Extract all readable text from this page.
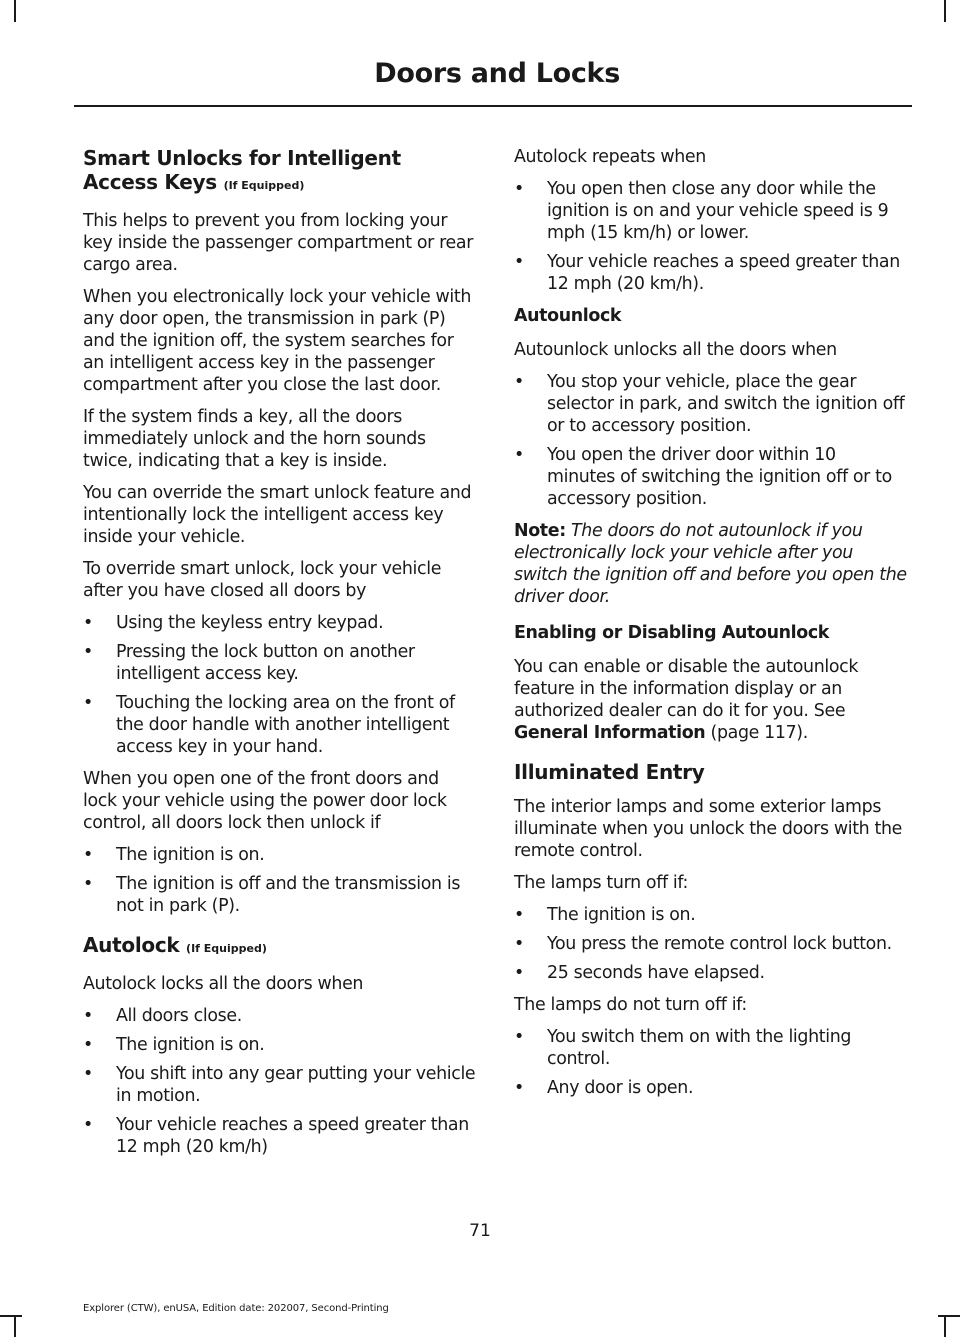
Doors and Locks
Smart Unlocks for Intelligent Access Keys (If Equipped)

This helps to prevent you from locking your key inside the passenger compartment or rear cargo area.

When you electronically lock your vehicle with any door open, the transmission in park (P) and the ignition off, the system searches for an intelligent access key in the passenger compartment after you close the last door.

If the system finds a key, all the doors immediately unlock and the horn sounds twice, indicating that a key is inside.

You can override the smart unlock feature and intentionally lock the intelligent access key inside your vehicle.

To override smart unlock, lock your vehicle after you have closed all doors by

• Using the keyless entry keypad.
• Pressing the lock button on another intelligent access key.
• Touching the locking area on the front of the door handle with another intelligent access key in your hand.

When you open one of the front doors and lock your vehicle using the power door lock control, all doors lock then unlock if

• The ignition is on.
• The ignition is off and the transmission is not in park (P).
Autolock (If Equipped)

Autolock locks all the doors when

• All doors close.
• The ignition is on.
• You shift into any gear putting your vehicle in motion.
• Your vehicle reaches a speed greater than 12 mph (20 km/h)

Autolock repeats when

• You open then close any door while the ignition is on and your vehicle speed is 9 mph (15 km/h) or lower.
• Your vehicle reaches a speed greater than 12 mph (20 km/h).
Autounlock

Autounlock unlocks all the doors when

• You stop your vehicle, place the gear selector in park, and switch the ignition off or to accessory position.
• You open the driver door within 10 minutes of switching the ignition off or to accessory position.

Note: The doors do not autounlock if you electronically lock your vehicle after you switch the ignition off and before you open the driver door.

Enabling or Disabling Autounlock

You can enable or disable the autounlock feature in the information display or an authorized dealer can do it for you. See General Information (page 117).

Illuminated Entry

The interior lamps and some exterior lamps illuminate when you unlock the doors with the remote control.

The lamps turn off if:

• The ignition is on.
• You press the remote control lock button.
• 25 seconds have elapsed.

The lamps do not turn off if:

• You switch them on with the lighting control.
• Any door is open.
71
Explorer (CTW), enUSA, Edition date: 202007, Second-Printing
